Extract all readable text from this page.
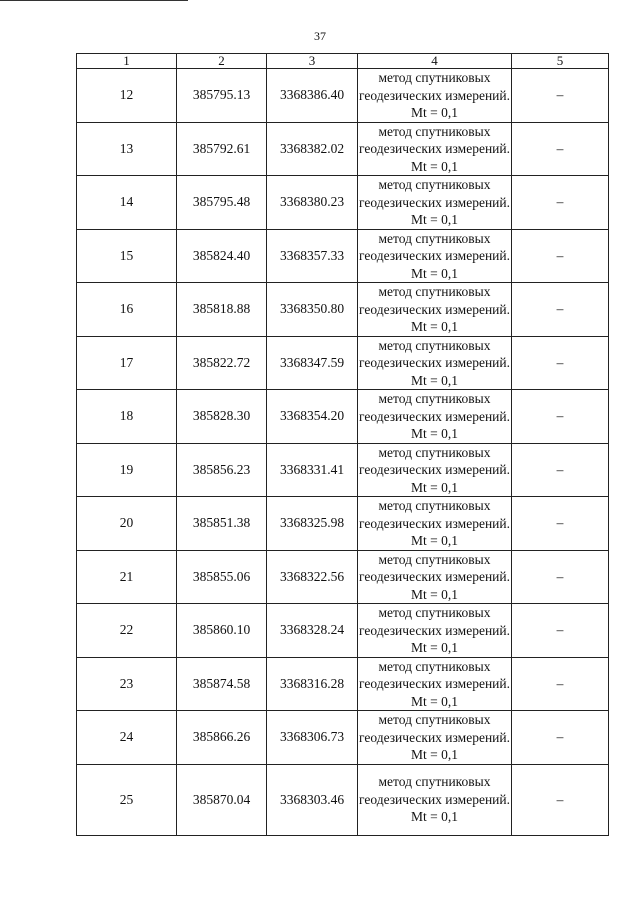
37
1	2	3	4	5
12	385795.13	3368386.40	метод спутниковых геодезических измерений. Mt = 0,1	–
13	385792.61	3368382.02	метод спутниковых геодезических измерений. Mt = 0,1	–
14	385795.48	3368380.23	метод спутниковых геодезических измерений. Mt = 0,1	–
15	385824.40	3368357.33	метод спутниковых геодезических измерений. Mt = 0,1	–
16	385818.88	3368350.80	метод спутниковых геодезических измерений. Mt = 0,1	–
17	385822.72	3368347.59	метод спутниковых геодезических измерений. Mt = 0,1	–
18	385828.30	3368354.20	метод спутниковых геодезических измерений. Mt = 0,1	–
19	385856.23	3368331.41	метод спутниковых геодезических измерений. Mt = 0,1	–
20	385851.38	3368325.98	метод спутниковых геодезических измерений. Mt = 0,1	–
21	385855.06	3368322.56	метод спутниковых геодезических измерений. Mt = 0,1	–
22	385860.10	3368328.24	метод спутниковых геодезических измерений. Mt = 0,1	–
23	385874.58	3368316.28	метод спутниковых геодезических измерений. Mt = 0,1	–
24	385866.26	3368306.73	метод спутниковых геодезических измерений. Mt = 0,1	–
25	385870.04	3368303.46	метод спутниковых геодезических измерений. Mt = 0,1	–
